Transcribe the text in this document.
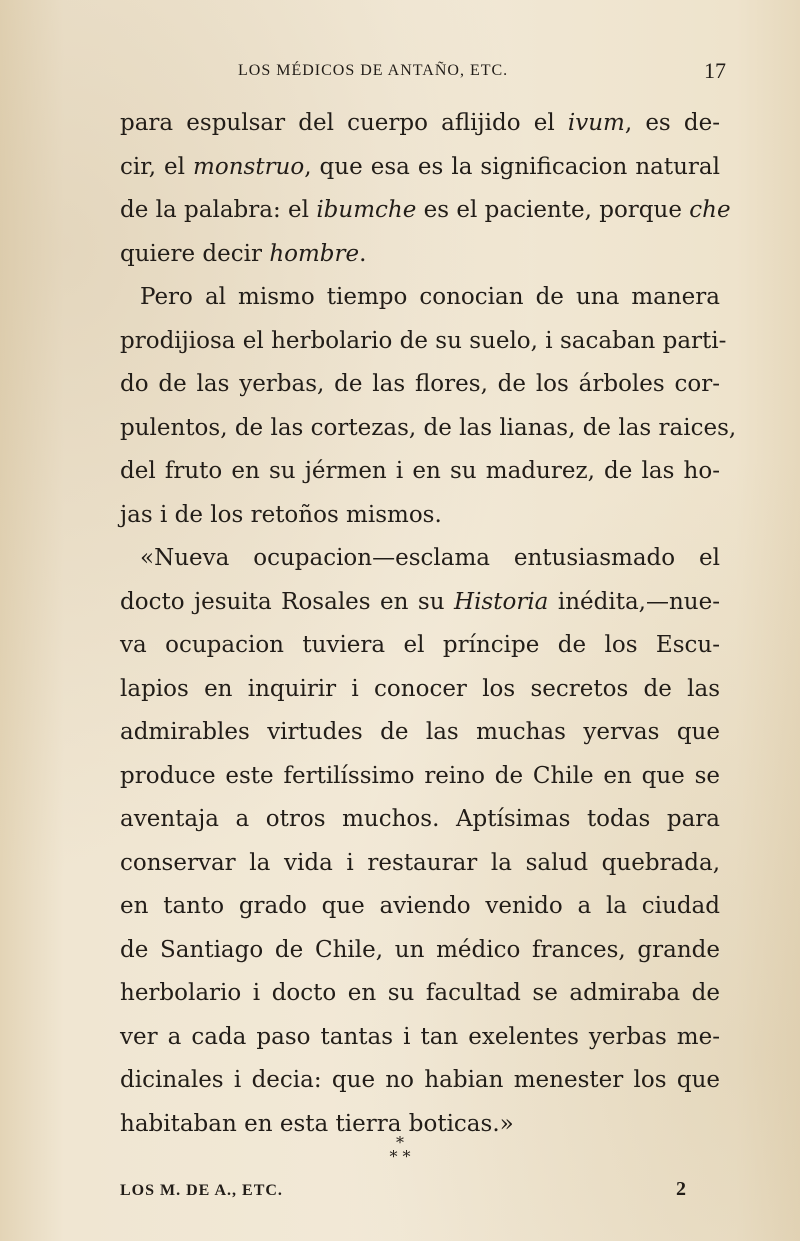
LOS MÉDICOS DE ANTAÑO, ETC.	17
para espulsar del cuerpo aflijido el ivum, es de-
cir, el monstruo, que esa es la significacion natural
de la palabra: el ibumche es el paciente, porque che
quiere decir hombre.
Pero al mismo tiempo conocian de una manera
prodijiosa el herbolario de su suelo, i sacaban parti-
do de las yerbas, de las flores, de los árboles cor-
pulentos, de las cortezas, de las lianas, de las raices,
del fruto en su jérmen i en su madurez, de las ho-
jas i de los retoños mismos.
«Nueva ocupacion—esclama entusiasmado el
docto jesuita Rosales en su Historia inédita,—nue-
va ocupacion tuviera el príncipe de los Escu-
lapios en inquirir i conocer los secretos de las
admirables virtudes de las muchas yervas que
produce este fertilíssimo reino de Chile en que se
aventaja a otros muchos. Aptísimas todas para
conservar la vida i restaurar la salud quebrada,
en tanto grado que aviendo venido a la ciudad
de Santiago de Chile, un médico frances, grande
herbolario i docto en su facultad se admiraba de
ver a cada paso tantas i tan exelentes yerbas me-
dicinales i decia: que no habian menester los que
habitaban en esta tierra boticas.»
*
* *
LOS M. DE A., ETC.	2
